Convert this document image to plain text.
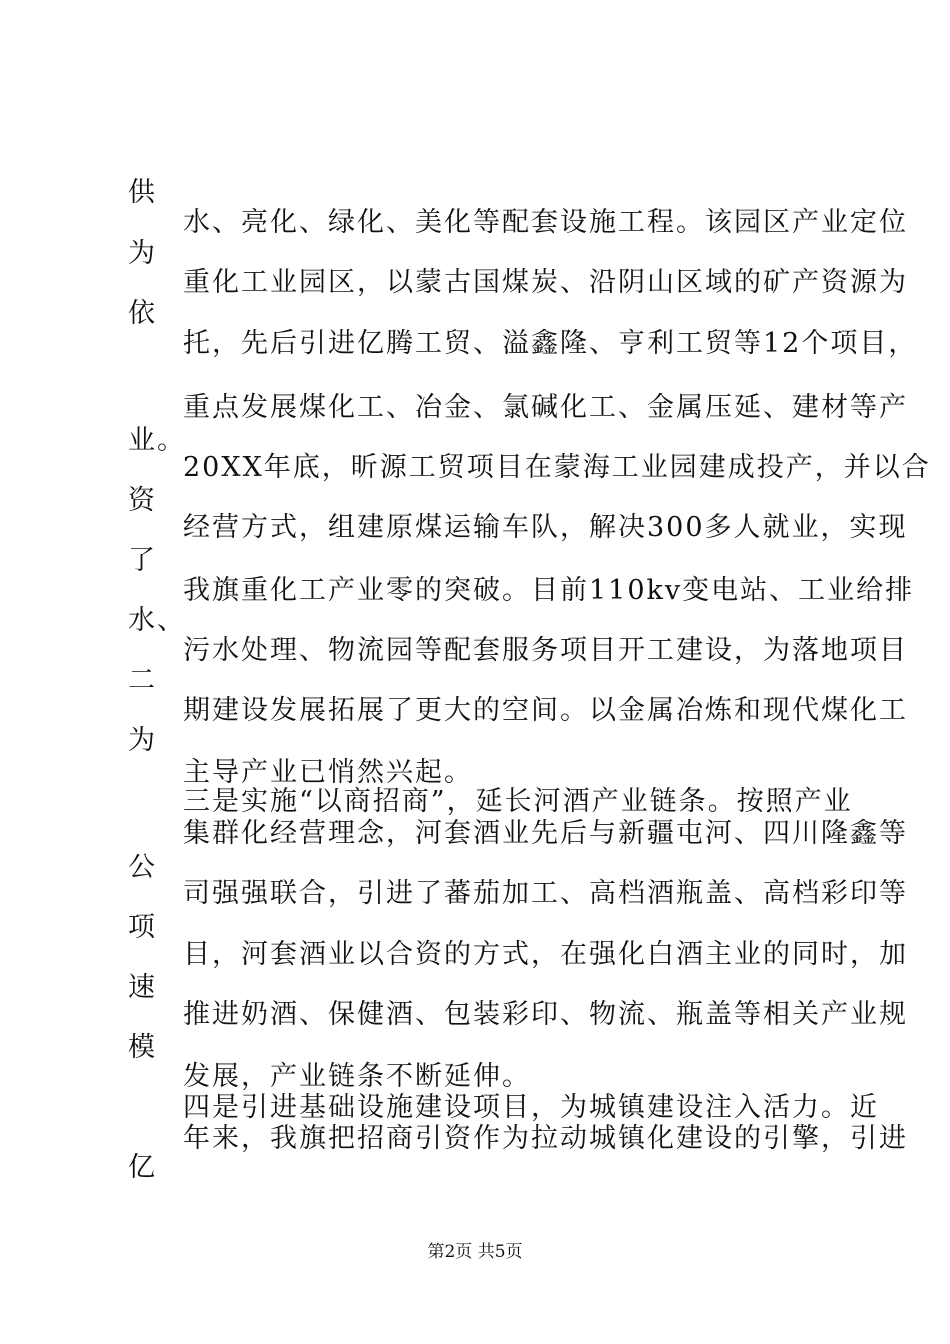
供
为
依
业。
资
了
水、
二
为
公
项
速
模
亿
水、亮化、绿化、美化等配套设施工程。该园区产业定位
重化工业园区，以蒙古国煤炭、沿阴山区域的矿产资源为
托，先后引进亿腾工贸、溢鑫隆、亨利工贸等12个项目，
重点发展煤化工、冶金、氯碱化工、金属压延、建材等产
20XX年底，昕源工贸项目在蒙海工业园建成投产，并以合
经营方式，组建原煤运输车队，解决300多人就业，实现
我旗重化工产业零的突破。目前110kv变电站、工业给排
污水处理、物流园等配套服务项目开工建设，为落地项目
期建设发展拓展了更大的空间。以金属冶炼和现代煤化工
主导产业已悄然兴起。
三是实施“以商招商”，延长河酒产业链条。按照产业
集群化经营理念，河套酒业先后与新疆屯河、四川隆鑫等
司强强联合，引进了蕃茄加工、高档酒瓶盖、高档彩印等
目，河套酒业以合资的方式，在强化白酒主业的同时，加
推进奶酒、保健酒、包装彩印、物流、瓶盖等相关产业规
发展，产业链条不断延伸。
四是引进基础设施建设项目，为城镇建设注入活力。近
年来，我旗把招商引资作为拉动城镇化建设的引擎，引进
第2页 共5页
